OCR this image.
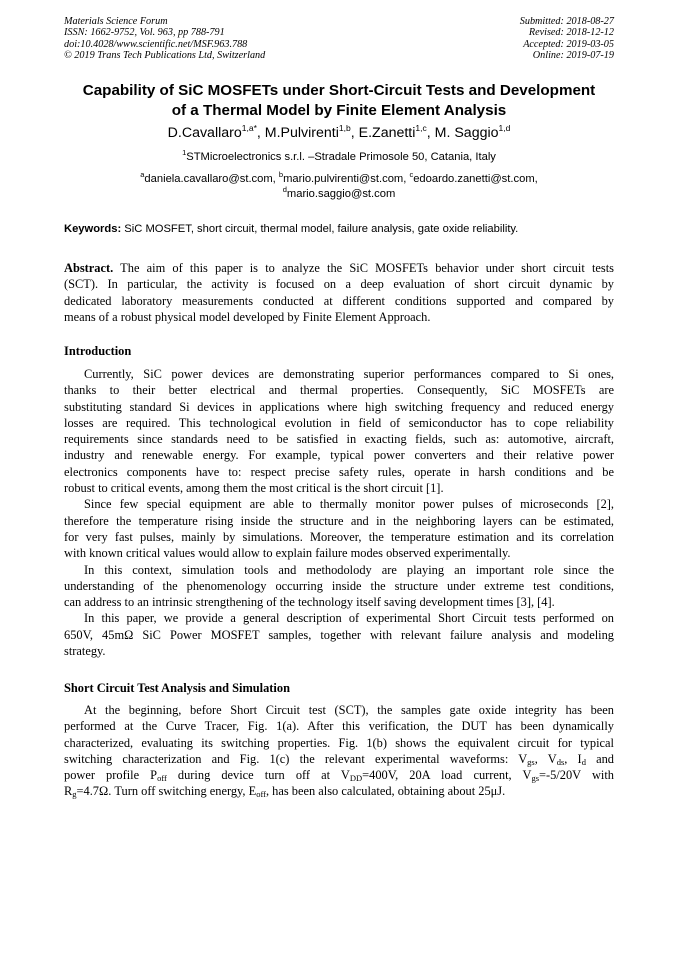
Materials Science Forum
ISSN: 1662-9752, Vol. 963, pp 788-791
doi:10.4028/www.scientific.net/MSF.963.788
© 2019 Trans Tech Publications Ltd, Switzerland
Submitted: 2018-08-27
Revised: 2018-12-12
Accepted: 2019-03-05
Online: 2019-07-19
Capability of SiC MOSFETs under Short-Circuit Tests and Development
of a Thermal Model by Finite Element Analysis
D.Cavallaro$^{1,a*}$, M.Pulvirenti$^{1,b}$, E.Zanetti$^{1,c}$, M. Saggio$^{1,d}$
$^1$STMicroelectronics s.r.l. –Stradale Primosole 50, Catania, Italy
$^a$daniela.cavallaro@st.com, $^b$mario.pulvirenti@st.com, $^c$edoardo.zanetti@st.com,
$^d$mario.saggio@st.com
Keywords: SiC MOSFET, short circuit, thermal model, failure analysis, gate oxide reliability.
Abstract. The aim of this paper is to analyze the SiC MOSFETs behavior under short circuit tests
(SCT). In particular, the activity is focused on a deep evaluation of short circuit dynamic by
dedicated laboratory measurements conducted at different conditions supported and compared by
means of a robust physical model developed by Finite Element Approach.
Introduction
Currently, SiC power devices are demonstrating superior performances compared to Si ones,
thanks to their better electrical and thermal properties. Consequently, SiC MOSFETs are
substituting standard Si devices in applications where high switching frequency and reduced energy
losses are required. This technological evolution in field of semiconductor has to cope reliability
requirements since standards need to be satisfied in exacting fields, such as: automotive, aircraft,
industry and renewable energy. For example, typical power converters and their relative power
electronics components have to: respect precise safety rules, operate in harsh conditions and be
robust to critical events, among them the most critical is the short circuit [1].
Since few special equipment are able to thermally monitor power pulses of microseconds [2],
therefore the temperature rising inside the structure and in the neighboring layers can be estimated,
for very fast pulses, mainly by simulations. Moreover, the temperature estimation and its correlation
with known critical values would allow to explain failure modes observed experimentally.
In this context, simulation tools and methodolody are playing an important role since the
understanding of the phenomenology occurring inside the structure under extreme test conditions,
can address to an intrinsic strengthening of the technology itself saving development times [3], [4].
In this paper, we provide a general description of experimental Short Circuit tests performed on
650V, 45mΩ SiC Power MOSFET samples, together with relevant failure analysis and modeling
strategy.
Short Circuit Test Analysis and Simulation
At the beginning, before Short Circuit test (SCT), the samples gate oxide integrity has been
performed at the Curve Tracer, Fig. 1(a). After this verification, the DUT has been dynamically
characterized, evaluating its switching properties. Fig. 1(b) shows the equivalent circuit for typical
switching characterization and Fig. 1(c) the relevant experimental waveforms: $V_{gs}$, $V_{ds}$, $I_d$ and
power profile $P_{off}$ during device turn off at $V_{DD}=400V$, 20A load current, $V_{gs}=-5/20V$ with
$R_g=4.7\Omega$. Turn off switching energy, $E_{off}$, has been also calculated, obtaining about 25μJ.
